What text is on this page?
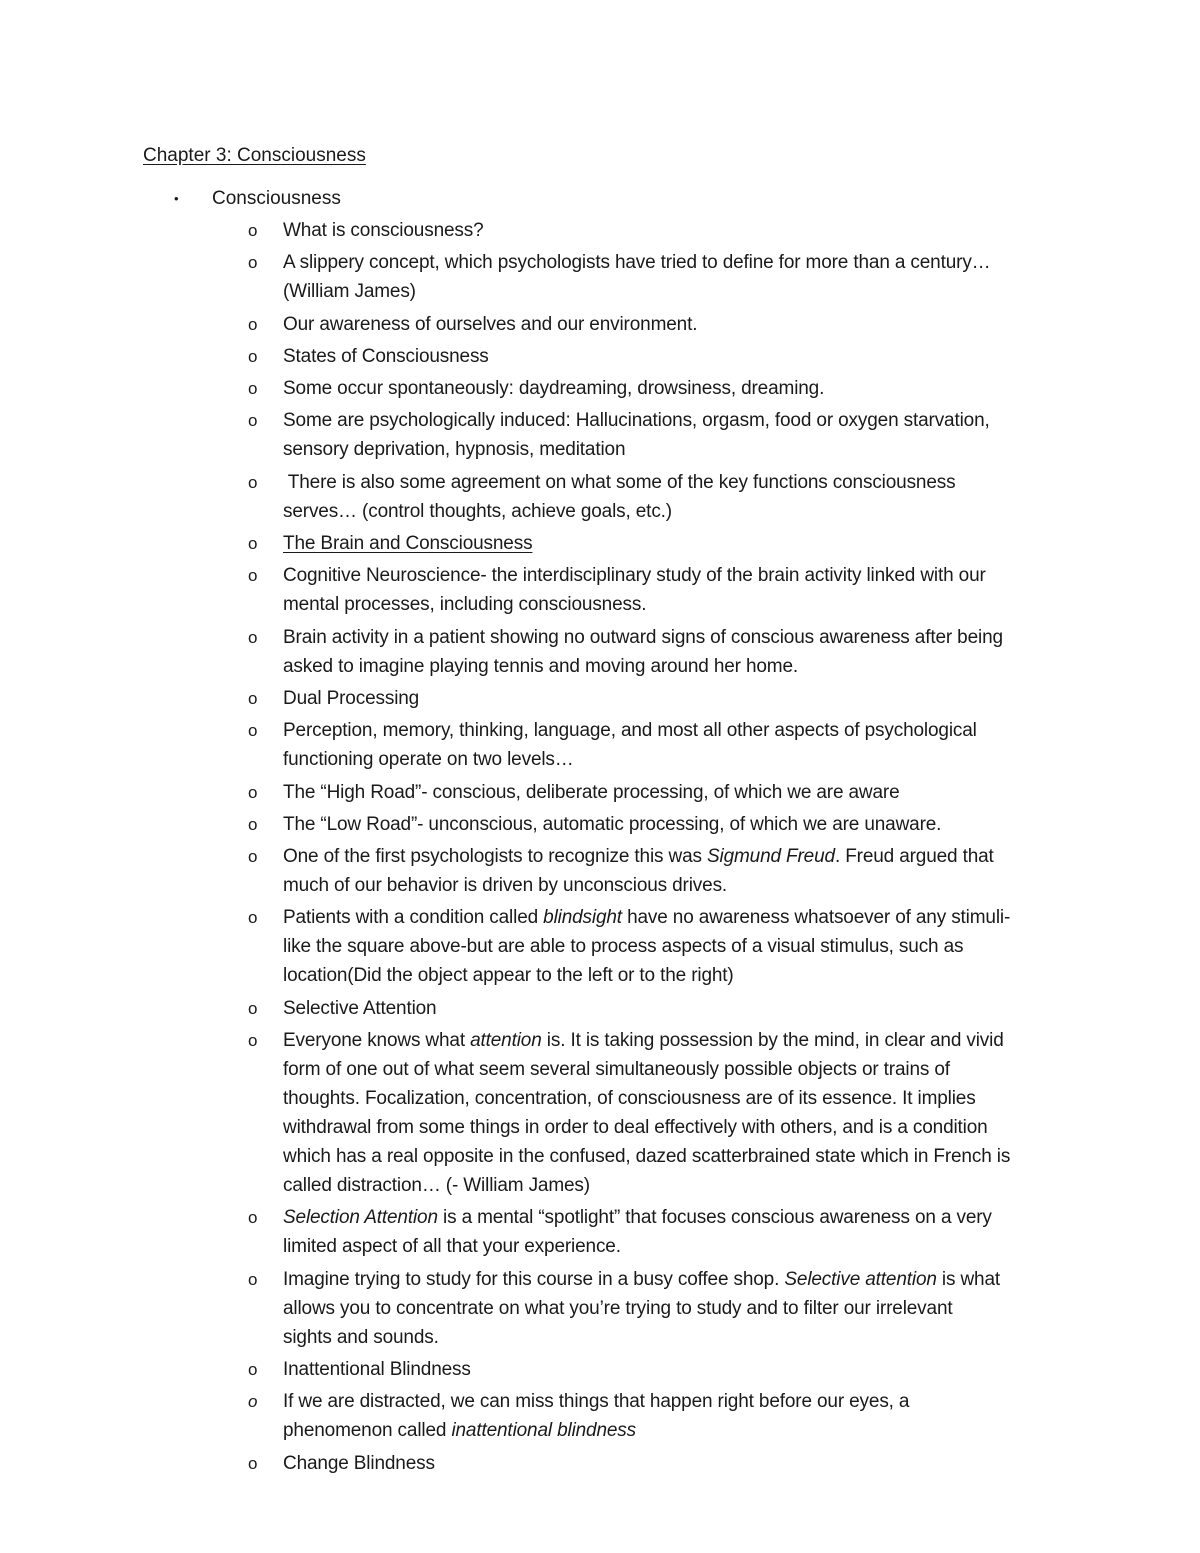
Chapter 3: Consciousness
• Consciousness
o What is consciousness?
o A slippery concept, which psychologists have tried to define for more than a century…
(William James)
o Our awareness of ourselves and our environment.
o States of Consciousness
o Some occur spontaneously: daydreaming, drowsiness, dreaming.
o Some are psychologically induced: Hallucinations, orgasm, food or oxygen starvation,
sensory deprivation, hypnosis, meditation
o There is also some agreement on what some of the key functions consciousness
serves… (control thoughts, achieve goals, etc.)
o The Brain and Consciousness
o Cognitive Neuroscience- the interdisciplinary study of the brain activity linked with our
mental processes, including consciousness.
o Brain activity in a patient showing no outward signs of conscious awareness after being
asked to imagine playing tennis and moving around her home.
o Dual Processing
o Perception, memory, thinking, language, and most all other aspects of psychological
functioning operate on two levels…
o The “High Road”- conscious, deliberate processing, of which we are aware
o The “Low Road”- unconscious, automatic processing, of which we are unaware.
o One of the first psychologists to recognize this was Sigmund Freud. Freud argued that
much of our behavior is driven by unconscious drives.
o Patients with a condition called blindsight have no awareness whatsoever of any stimuli-
like the square above-but are able to process aspects of a visual stimulus, such as
location(Did the object appear to the left or to the right)
o Selective Attention
o Everyone knows what attention is. It is taking possession by the mind, in clear and vivid
form of one out of what seem several simultaneously possible objects or trains of
thoughts. Focalization, concentration, of consciousness are of its essence. It implies
withdrawal from some things in order to deal effectively with others, and is a condition
which has a real opposite in the confused, dazed scatterbrained state which in French is
called distraction… (- William James)
o Selection Attention is a mental “spotlight” that focuses conscious awareness on a very
limited aspect of all that your experience.
o Imagine trying to study for this course in a busy coffee shop. Selective attention is what
allows you to concentrate on what you’re trying to study and to filter our irrelevant
sights and sounds.
o Inattentional Blindness
o If we are distracted, we can miss things that happen right before our eyes, a
phenomenon called inattentional blindness
o Change Blindness
